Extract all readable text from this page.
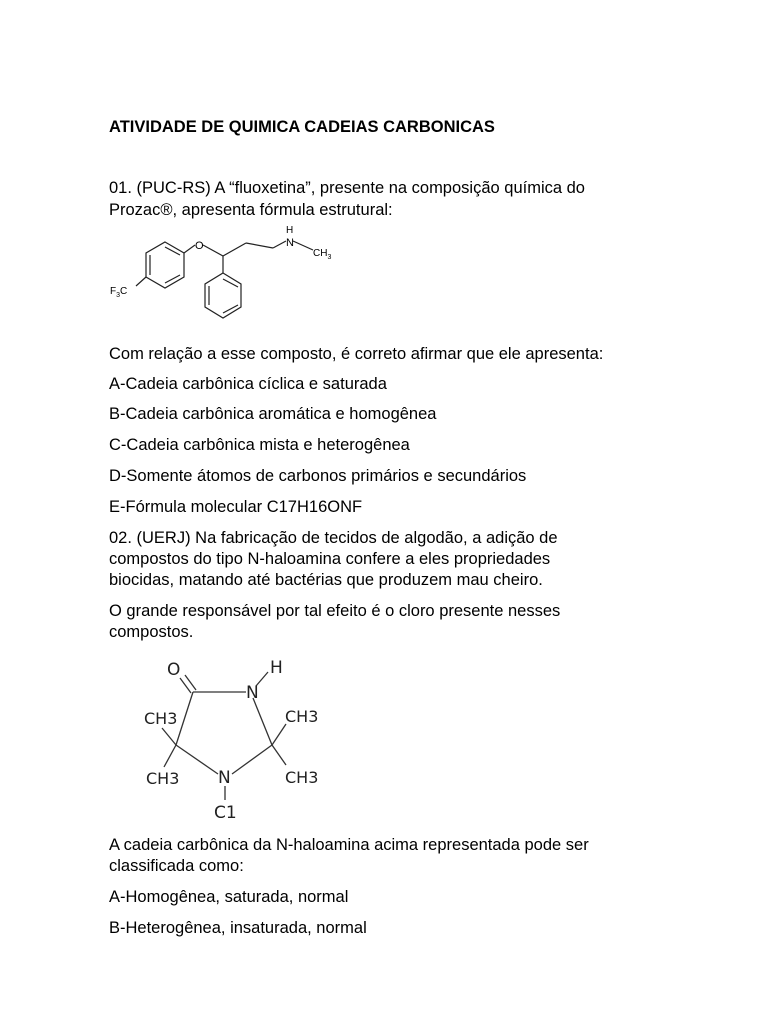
ATIVIDADE DE QUIMICA CADEIAS CARBONICAS
01. (PUC-RS) A “fluoxetina”, presente na composição química do
Prozac®, apresenta fórmula estrutural:
O
H
N
$CH_3$
$F_3C$
Com relação a esse composto, é correto afirmar que ele apresenta:
A-Cadeia carbônica cíclica e saturada
B-Cadeia carbônica aromática e homogênea
C-Cadeia carbônica mista e heterogênea
D-Somente átomos de carbonos primários e secundários
E-Fórmula molecular C17H16ONF
02. (UERJ) Na fabricação de tecidos de algodão, a adição de
compostos do tipo N-haloamina confere a eles propriedades
biocidas, matando até bactérias que produzem mau cheiro.
O grande responsável por tal efeito é o cloro presente nesses
compostos.
O	H
N
N
CH3
CH3
CH3
CH3
C1
A cadeia carbônica da N-haloamina acima representada pode ser
classificada como:
A-Homogênea, saturada, normal
B-Heterogênea, insaturada, normal
